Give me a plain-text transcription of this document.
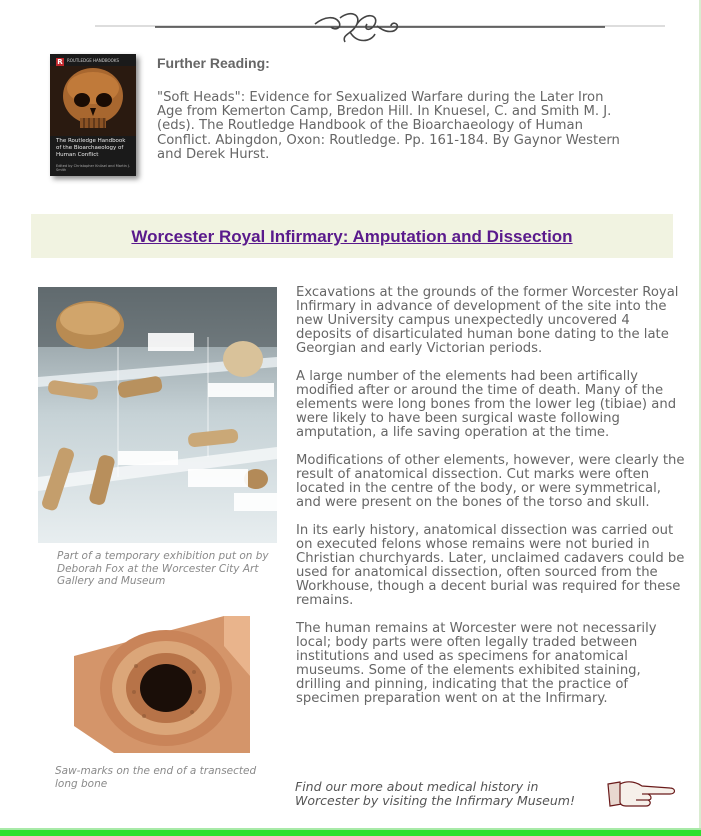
R	ROUTLEDGE HANDBOOKS
The Routledge Handbook of the Bioarchaeology of Human Conflict
Edited by Christopher Knüsel and Martin J. Smith
Further Reading:
"Soft Heads": Evidence for Sexualized Warfare during the Later Iron Age from Kemerton Camp, Bredon Hill. In Knuesel, C. and Smith M. J. (eds). The Routledge Handbook of the Bioarchaeology of Human Conflict. Abingdon, Oxon: Routledge. Pp. 161-184. By Gaynor Western and Derek Hurst.
Worcester Royal Infirmary: Amputation and Dissection
Part of a temporary exhibition put on by Deborah Fox at the Worcester City Art Gallery and Museum
Saw-marks on the end of a transected long bone

Excavations at the grounds of the former Worcester Royal Infirmary in advance of development of the site into the new University campus unexpectedly uncovered 4 deposits of disarticulated human bone dating to the late Georgian and early Victorian periods.

A large number of the elements had been artifically modified after or around the time of death. Many of the elements were long bones from the lower leg (tibiae) and were likely to have been surgical waste following amputation, a life saving operation at the time.

Modifications of other elements, however, were clearly the result of anatomical dissection. Cut marks were often located in the centre of the body, or were symmetrical, and were present on the bones of the torso and skull.

In its early history, anatomical dissection was carried out on executed felons whose remains were not buried in Christian churchyards. Later, unclaimed cadavers could be used for anatomical dissection, often sourced from the Workhouse, though a decent burial was required for these remains.

The human remains at Worcester were not necessarily local; body parts were often legally traded between institutions and used as specimens for anatomical museums. Some of the elements exhibited staining, drilling and pinning, indicating that the practice of specimen preparation went on at the Infirmary.

Find our more about medical history in Worcester by visiting the Infirmary Museum!
